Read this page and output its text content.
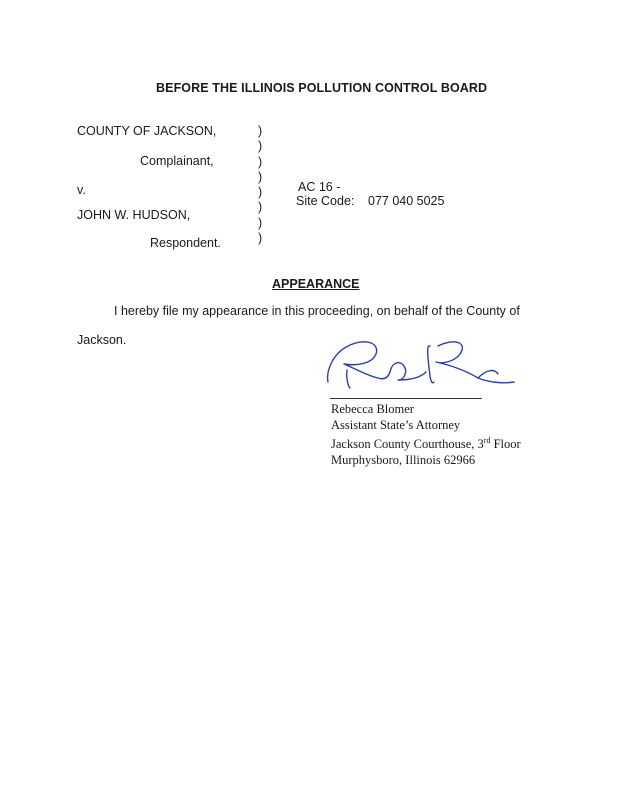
BEFORE THE ILLINOIS POLLUTION CONTROL BOARD
COUNTY OF JACKSON,
Complainant,
v.
JOHN W. HUDSON,
Respondent.
)
)
)
)
)
)
)
)
AC 16 -
Site Code: 077 040 5025
APPEARANCE
I hereby file my appearance in this proceeding, on behalf of the County of
Jackson.
Rebecca Blomer
Assistant State’s Attorney
Jackson County Courthouse, 3rd Floor
Murphysboro, Illinois 62966
